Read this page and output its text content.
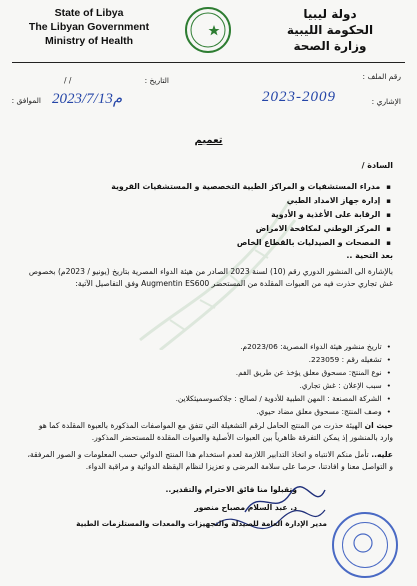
State of Libya
The Libyan Government
Ministry of Health
دولة ليبيا
الحكومة الليبية
وزارة الصحة
رقم الملف :
التاريخ :
/ /
الموافق : 2023/7/13م	الإشاري :
2023-2009
تعميم
السادة /
▪ مدراء المستشفيات و المراكز الطبية التخصصية و المستشفيات القروية
▪ إدارة جهاز الامداد الطبي
▪ الرقابة على الأغذية و الأدوية
▪ المركز الوطني لمكافحة الامراض
▪ المصحات و الصيدليات بالقطاع الخاص
بعد التحية ..
بالإشارة الى المنشور الدوري رقم (10) لسنة 2023 الصادر من هيئة الدواء المصرية بتاريخ (يونيو / 2023م) بخصوص غش تجاري حذرت فيه من العبوات المقلدة من المستحضر Augmentin ES600 وفق التفاصيل الآتية:
• تاريخ منشور هيئة الدواء المصرية: 2023/06م.
• تشغيله رقم : 223059.
• نوع المنتج: مسحوق معلق يؤخذ عن طريق الفم.
• سبب الإعلان : غش تجاري.
• الشركة المصنعة : المهن الطبية للأدوية / لصالح : جلاكسوسميثكلاين.
• وصف المنتج: مسحوق معلق مضاد حيوي.
حيث ان الهيئة حذرت من المنتج الحامل لرقم التشغيلة التي تتفق مع المواصفات المذكورة بالعبوة المقلدة كما هو وارد بالمنشور إذ يمكن التفرقة ظاهرياً بين العبوات الأصلية والعبوات المقلدة للمستحضر المذكور.
عليه.. تأمل منكم الانتباه و اتخاذ التدابير اللازمة لعدم استخدام هذا المنتج الدوائي حسب المعلومات و الصور المرفقة، و التواصل معنا و افادتنا، حرصا على سلامة المرضى و تعزيزا لنظام اليقظة الدوائية و مراقبة الدواء.
وتقبلوا منا فائق الاحترام والتقدير..
د. عبد السلام مصباح منصور
مدير الإدارة العامة للصيدلة والتجهيزات والمعدات والمستلزمات الطبية
